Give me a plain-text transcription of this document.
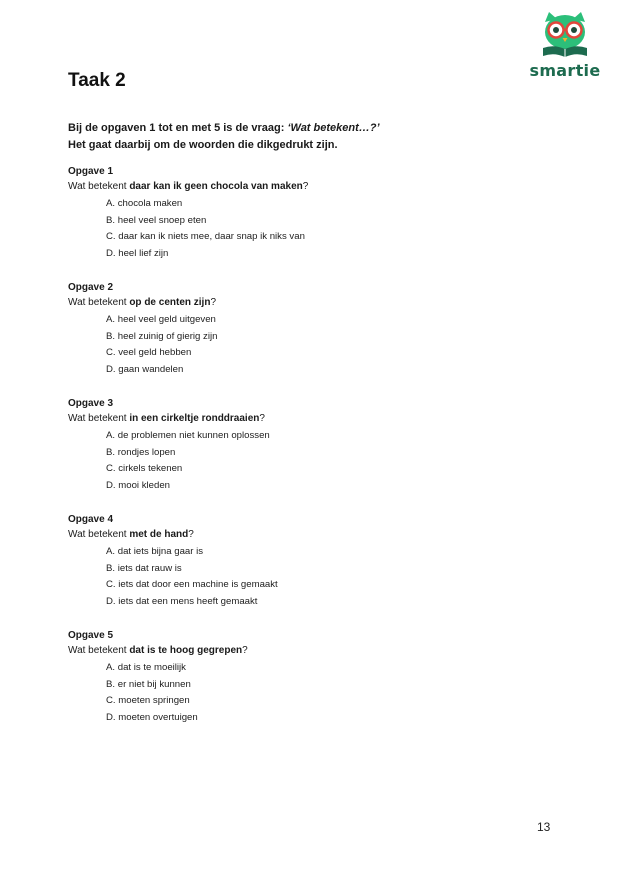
smartie
Taak 2
Bij de opgaven 1 tot en met 5 is de vraag: ‘Wat betekent…?’
Het gaat daarbij om de woorden die dikgedrukt zijn.
Opgave 1
Wat betekent daar kan ik geen chocola van maken?
A. chocola maken
B. heel veel snoep eten
C. daar kan ik niets mee, daar snap ik niks van
D. heel lief zijn
Opgave 2
Wat betekent op de centen zijn?
A. heel veel geld uitgeven
B. heel zuinig of gierig zijn
C. veel geld hebben
D. gaan wandelen
Opgave 3
Wat betekent in een cirkeltje ronddraaien?
A. de problemen niet kunnen oplossen
B. rondjes lopen
C. cirkels tekenen
D. mooi kleden
Opgave 4
Wat betekent met de hand?
A. dat iets bijna gaar is
B. iets dat rauw is
C. iets dat door een machine is gemaakt
D. iets dat een mens heeft gemaakt
Opgave 5
Wat betekent dat is te hoog gegrepen?
A. dat is te moeilijk
B. er niet bij kunnen
C. moeten springen
D. moeten overtuigen
13
